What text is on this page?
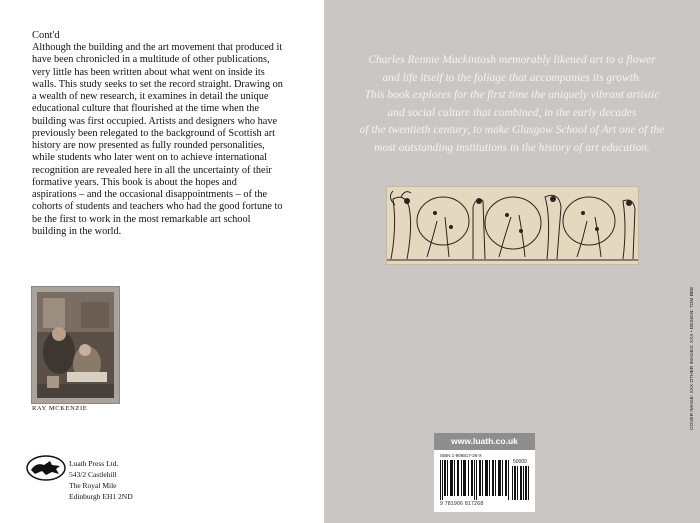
Cont'd

Although the building and the art movement that produced it have been chronicled in a multitude of other publications, very little has been written about what went on inside its walls. This study seeks to set the record straight. Drawing on a wealth of new research, it examines in detail the unique educational culture that flourished at the time when the building was first occupied. Artists and designers who have previously been relegated to the background of Scottish art history are now presented as fully rounded personalities, while students who later went on to achieve international recognition are revealed here in all the uncertainty of their formative years. This book is about the hopes and aspirations – and the occasional disappointments – of the cohorts of students and teachers who had the good fortune to be the first to work in the most remarkable art school building in the world.

RAY MCKENZIE
Luath Press Ltd.
543/2 Castlehill
The Royal Mile
Edinburgh EH1 2ND

Charles Rennie Mackintosh memorably likened art to a flower
and life itself to the foliage that accompanies its growth.
This book explores for the first time the uniquely vibrant artistic
and social culture that combined, in the early decades
of the twentieth century, to make Glasgow School of Art one of the
most outstanding institutions in the history of art education.

www.luath.co.uk
ISBN 1-906817-26-X
50000
9 781906 817268
COVER IMAGE: XXX OTHER IMAGES: XXX • DESIGN: TOM BEE
